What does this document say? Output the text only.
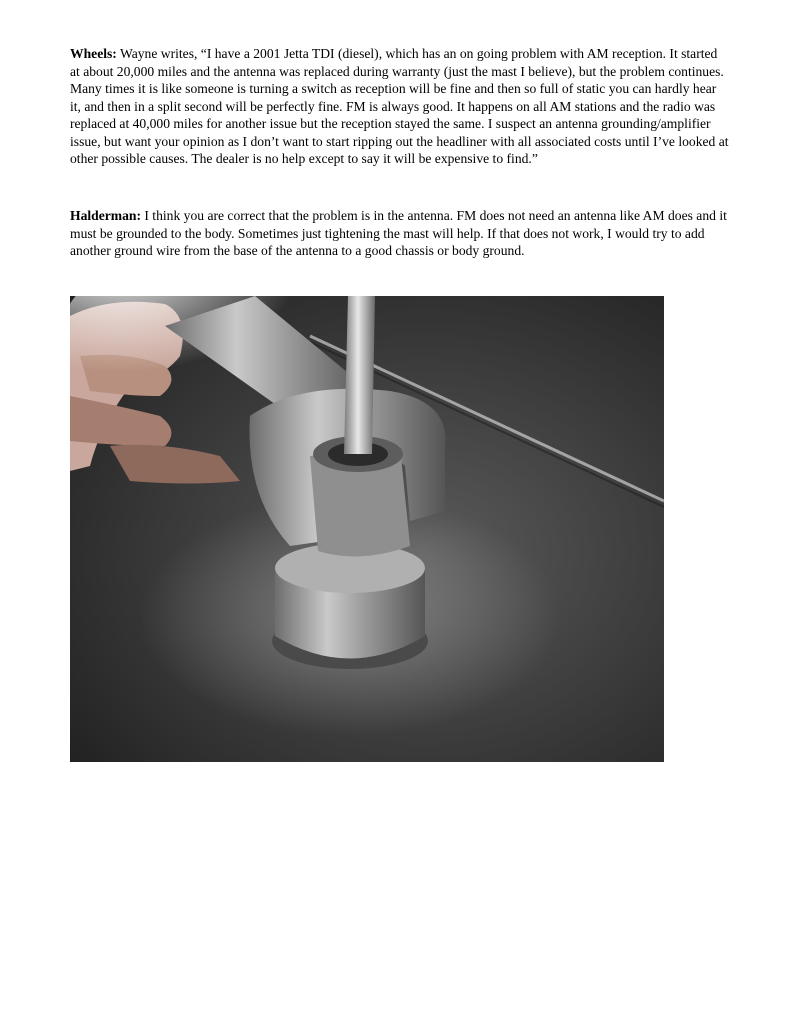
Wheels: Wayne writes, “I have a 2001 Jetta TDI (diesel), which has an on going problem with AM reception. It started at about 20,000 miles and the antenna was replaced during warranty (just the mast I believe), but the problem continues. Many times it is like someone is turning a switch as reception will be fine and then so full of static you can hardly hear it, and then in a split second will be perfectly fine. FM is always good. It happens on all AM stations and the radio was replaced at 40,000 miles for another issue but the reception stayed the same. I suspect an antenna grounding/amplifier issue, but want your opinion as I don’t want to start ripping out the headliner with all associated costs until I’ve looked at other possible causes. The dealer is no help except to say it will be expensive to find.”

Halderman: I think you are correct that the problem is in the antenna. FM does not need an antenna like AM does and it must be grounded to the body. Sometimes just tightening the mast will help. If that does not work, I would try to add another ground wire from the base of the antenna to a good chassis or body ground.
